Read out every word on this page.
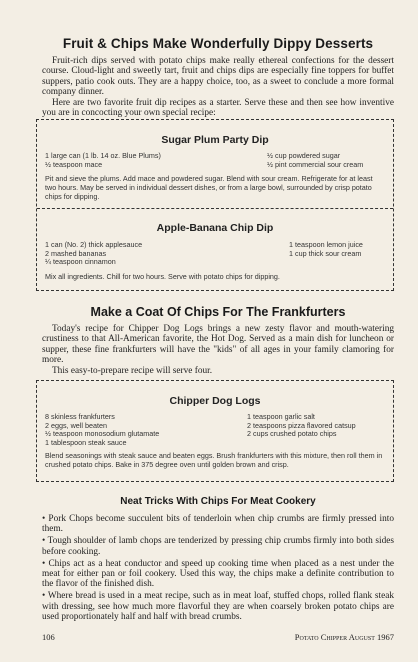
Fruit & Chips Make Wonderfully Dippy Desserts

Fruit-rich dips served with potato chips make really ethereal confections for the dessert course. Cloud-light and sweetly tart, fruit and chips dips are especially fine toppers for buffet suppers, patio cook outs. They are a happy choice, too, as a sweet to conclude a more formal company dinner.

Here are two favorite fruit dip recipes as a starter. Serve these and then see how inventive you are in concocting your own special recipe:

Sugar Plum Party Dip
1 large can (1 lb. 14 oz. Blue Plums)
½ teaspoon mace
½ cup powdered sugar
½ pint commercial sour cream
Pit and sieve the plums. Add mace and powdered sugar. Blend with sour cream. Refrigerate for at least two hours. May be served in individual dessert dishes, or from a large bowl, surrounded by crisp potato chips for dipping.
Apple-Banana Chip Dip
1 can (No. 2) thick applesauce
2 mashed bananas
¼ teaspoon cinnamon
1 teaspoon lemon juice
1 cup thick sour cream
Mix all ingredients. Chill for two hours. Serve with potato chips for dipping.
Make a Coat Of Chips For The Frankfurters

Today's recipe for Chipper Dog Logs brings a new zesty flavor and mouth-watering crustiness to that All-American favorite, the Hot Dog. Served as a main dish for luncheon or supper, these fine frankfurters will have the "kids" of all ages in your family clamoring for more.

This easy-to-prepare recipe will serve four.

Chipper Dog Logs
8 skinless frankfurters
2 eggs, well beaten
½ teaspoon monosodium glutamate
1 tablespoon steak sauce
1 teaspoon garlic salt
2 teaspoons pizza flavored catsup
2 cups crushed potato chips
Blend seasonings with steak sauce and beaten eggs. Brush frankfurters with this mixture, then roll them in crushed potato chips. Bake in 375 degree oven until golden brown and crisp.
Neat Tricks With Chips For Meat Cookery

• Pork Chops become succulent bits of tenderloin when chip crumbs are firmly pressed into them.

• Tough shoulder of lamb chops are tenderized by pressing chip crumbs firmly into both sides before cooking.

• Chips act as a heat conductor and speed up cooking time when placed as a nest under the meat for either pan or foil cookery. Used this way, the chips make a definite contribution to the flavor of the finished dish.

• Where bread is used in a meat recipe, such as in meat loaf, stuffed chops, rolled flank steak with dressing, see how much more flavorful they are when coarsely broken potato chips are used proportionately half and half with bread crumbs.

106	Potato Chipper August 1967
